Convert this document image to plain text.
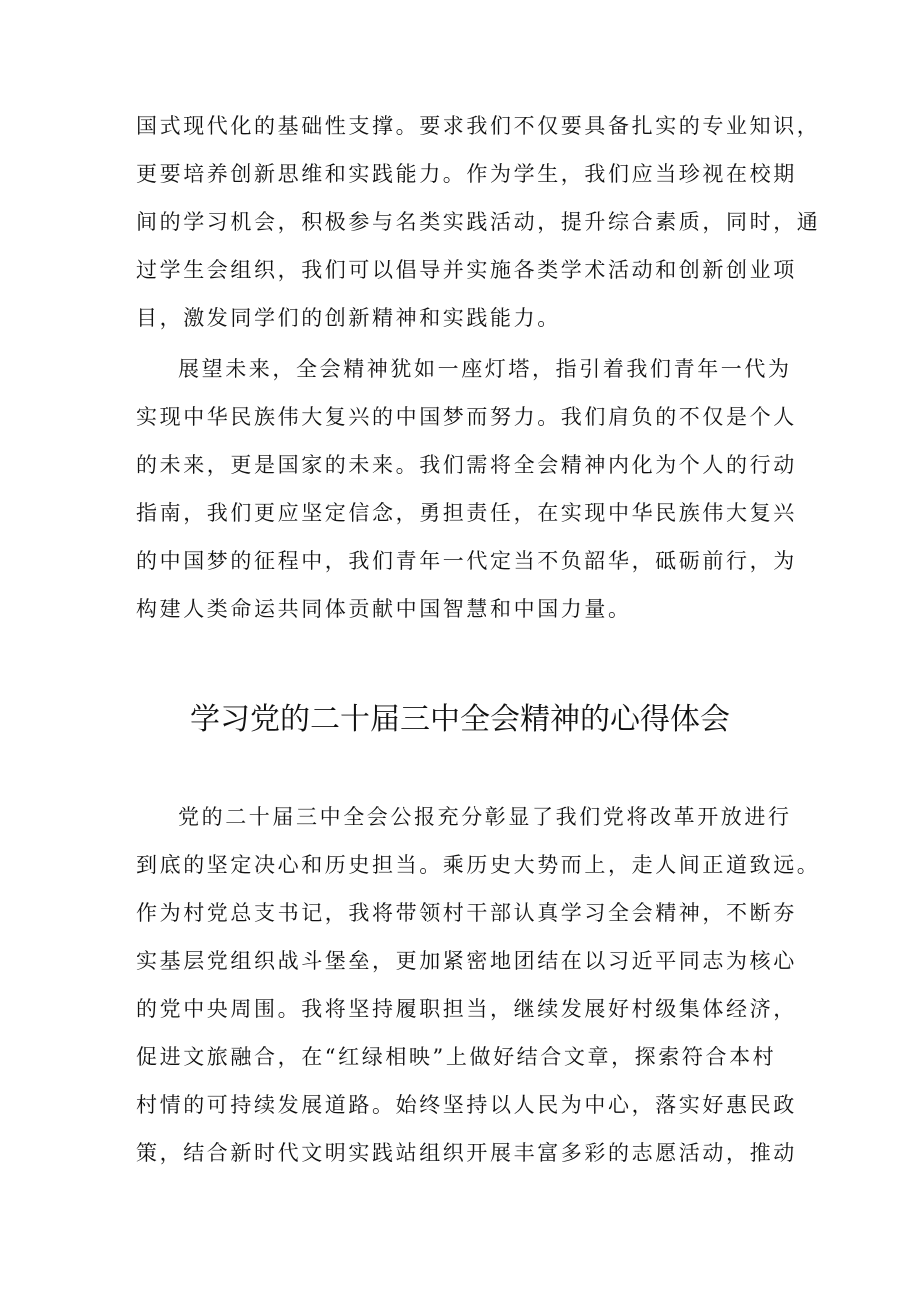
国式现代化的基础性支撑。要求我们不仅要具备扎实的专业知识，
更要培养创新思维和实践能力。作为学生，我们应当珍视在校期
间的学习机会，积极参与名类实践活动，提升综合素质，同时，通
过学生会组织，我们可以倡导并实施各类学术活动和创新创业项
目，激发同学们的创新精神和实践能力。
展望未来，全会精神犹如一座灯塔，指引着我们青年一代为
实现中华民族伟大复兴的中国梦而努力。我们肩负的不仅是个人
的未来，更是国家的未来。我们需将全会精神内化为个人的行动
指南，我们更应坚定信念，勇担责任，在实现中华民族伟大复兴
的中国梦的征程中，我们青年一代定当不负韶华，砥砺前行，为
构建人类命运共同体贡献中国智慧和中国力量。
学习党的二十届三中全会精神的心得体会
党的二十届三中全会公报充分彰显了我们党将改革开放进行
到底的坚定决心和历史担当。乘历史大势而上，走人间正道致远。
作为村党总支书记，我将带领村干部认真学习全会精神，不断夯
实基层党组织战斗堡垒，更加紧密地团结在以习近平同志为核心
的党中央周围。我将坚持履职担当，继续发展好村级集体经济，
促进文旅融合，在“红绿相映”上做好结合文章，探索符合本村
村情的可持续发展道路。始终坚持以人民为中心，落实好惠民政
策，结合新时代文明实践站组织开展丰富多彩的志愿活动，推动
